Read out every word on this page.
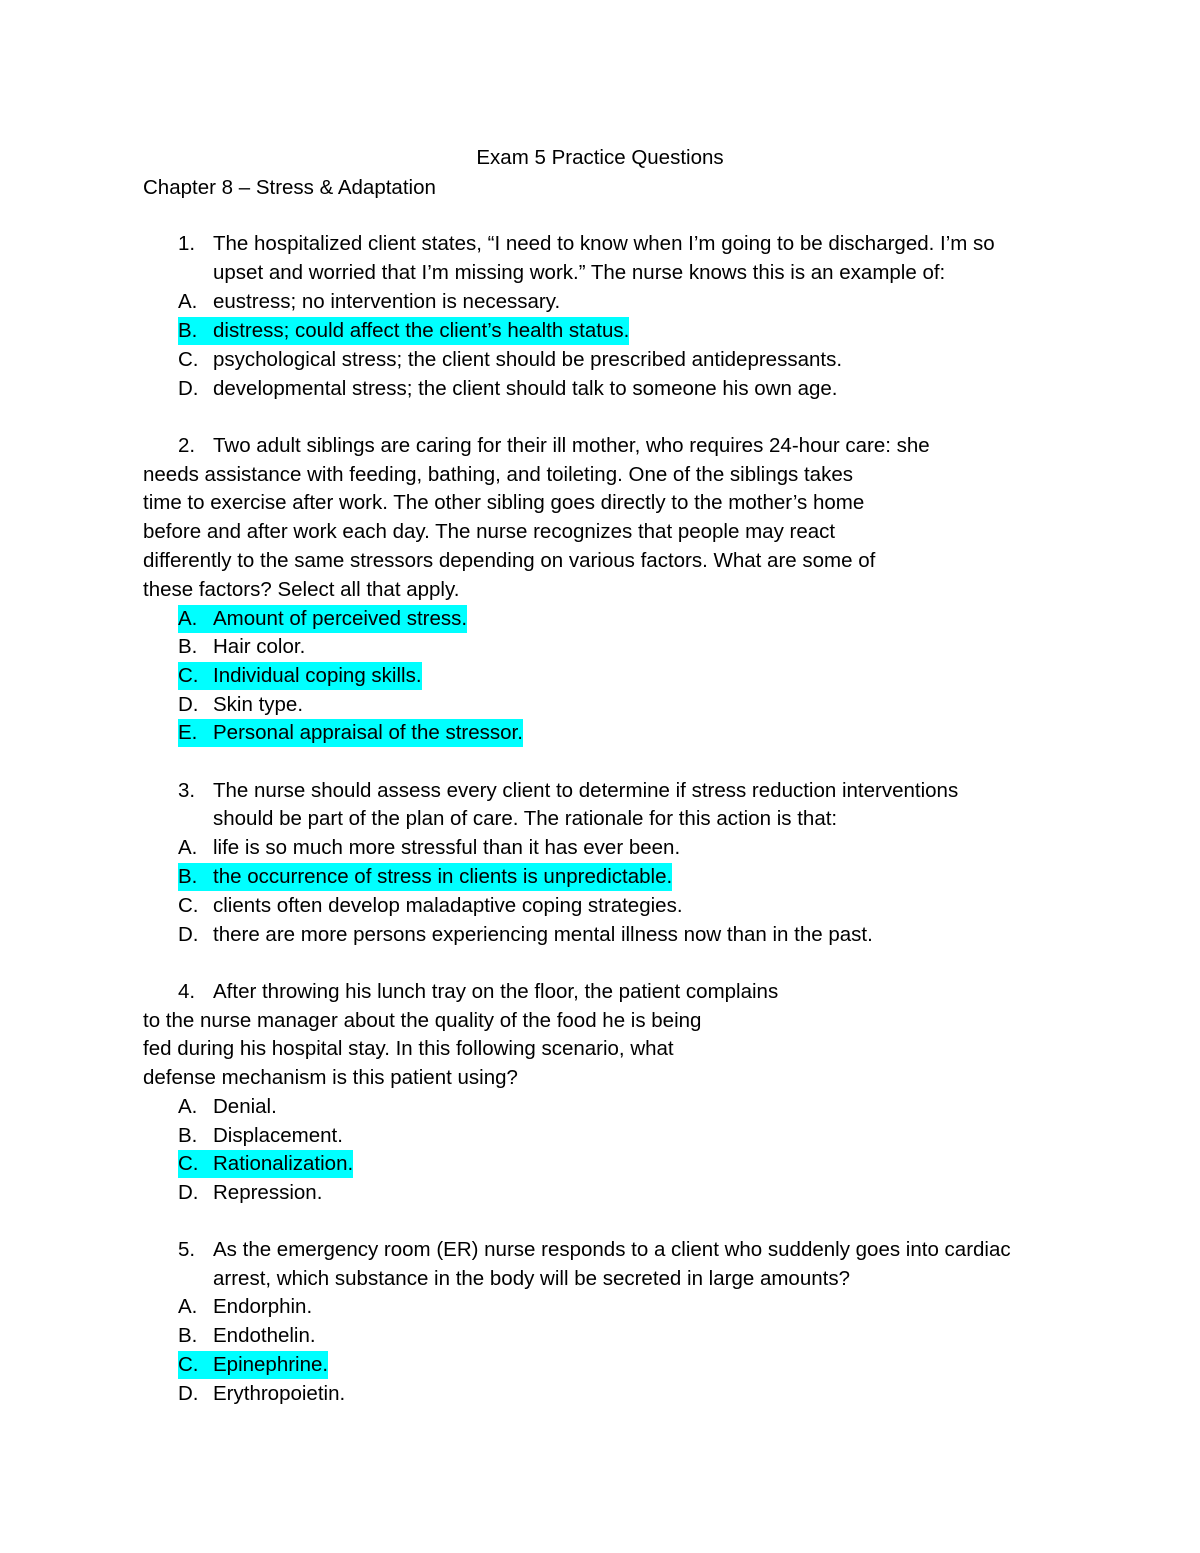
Exam 5 Practice Questions
Chapter 8 – Stress & Adaptation
1. The hospitalized client states, “I need to know when I’m going to be discharged. I’m so
upset and worried that I’m missing work.” The nurse knows this is an example of:
A. eustress; no intervention is necessary.
B. distress; could affect the client’s health status.
C. psychological stress; the client should be prescribed antidepressants.
D. developmental stress; the client should talk to someone his own age.
2. Two adult siblings are caring for their ill mother, who requires 24-hour care: she
needs assistance with feeding, bathing, and toileting. One of the siblings takes
time to exercise after work. The other sibling goes directly to the mother’s home
before and after work each day. The nurse recognizes that people may react
differently to the same stressors depending on various factors. What are some of
these factors? Select all that apply.
A. Amount of perceived stress.
B. Hair color.
C. Individual coping skills.
D. Skin type.
E. Personal appraisal of the stressor.
3. The nurse should assess every client to determine if stress reduction interventions
should be part of the plan of care. The rationale for this action is that:
A. life is so much more stressful than it has ever been.
B. the occurrence of stress in clients is unpredictable.
C. clients often develop maladaptive coping strategies.
D. there are more persons experiencing mental illness now than in the past.
4. After throwing his lunch tray on the floor, the patient complains
to the nurse manager about the quality of the food he is being
fed during his hospital stay. In this following scenario, what
defense mechanism is this patient using?
A. Denial.
B. Displacement.
C. Rationalization.
D. Repression.
5. As the emergency room (ER) nurse responds to a client who suddenly goes into cardiac
arrest, which substance in the body will be secreted in large amounts?
A. Endorphin.
B. Endothelin.
C. Epinephrine.
D. Erythropoietin.
